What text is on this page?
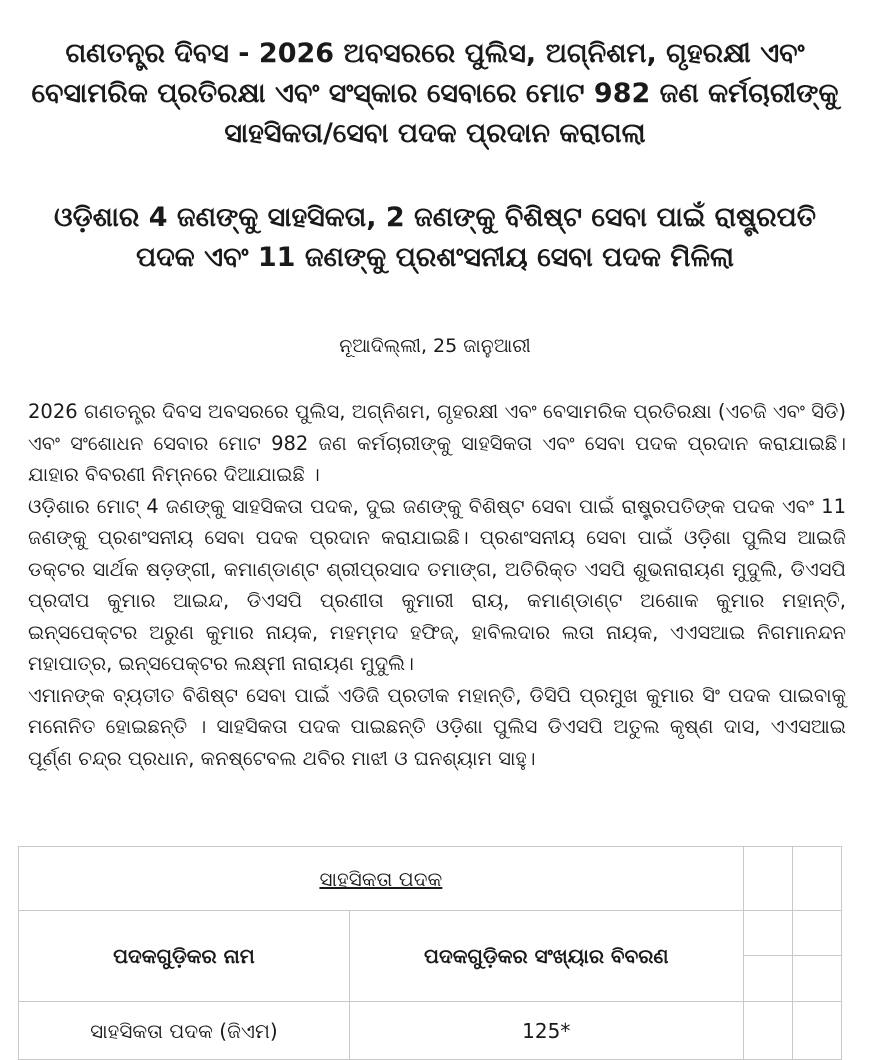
ଗଣତନ୍ତ୍ର ଦିବସ - 2026 ଅବସରରେ ପୁଲିସ, ଅଗ୍ନିଶମ, ଗୃହରକ୍ଷୀ ଏବଂ ବେସାମରିକ ପ୍ରତିରକ୍ଷା ଏବଂ ସଂସ୍କାର ସେବାରେ ମୋଟ 982 ଜଣ କର୍ମଚାରୀଙ୍କୁ ସାହସିକତା/ସେବା ପଦକ ପ୍ରଦାନ କରାଗଲା
ଓଡ଼ିଶାର 4 ଜଣଙ୍କୁ ସାହସିକତା, 2 ଜଣଙ୍କୁ ବିଶିଷ୍ଟ ସେବା ପାଇଁ ରାଷ୍ଟ୍ରପତି ପଦକ ଏବଂ 11 ଜଣଙ୍କୁ ପ୍ରଶଂସନୀୟ ସେବା ପଦକ ମିଳିଲା

ନୂଆଦିଲ୍ଲୀ, 25 ଜାନୁଆରୀ

2026 ଗଣତନ୍ତ୍ର ଦିବସ ଅବସରରେ ପୁଲିସ, ଅଗ୍ନିଶମ, ଗୃହରକ୍ଷୀ ଏବଂ ବେସାମରିକ ପ୍ରତିରକ୍ଷା (ଏଚଜି ଏବଂ ସିଡି) ଏବଂ ସଂଶୋଧନ ସେବାର ମୋଟ 982 ଜଣ କର୍ମଚାରୀଙ୍କୁ ସାହସିକତା ଏବଂ ସେବା ପଦକ ପ୍ରଦାନ କରାଯାଇଛି। ଯାହାର ବିବରଣୀ ନିମ୍ନରେ ଦିଆଯାଇଛି ।

ଓଡ଼ିଶାର ମୋଟ୍ 4 ଜଣଙ୍କୁ ସାହସିକତା ପଦକ, ଦୁଇ ଜଣଙ୍କୁ ବିଶିଷ୍ଟ ସେବା ପାଇଁ ରାଷ୍ଟ୍ରପତିଙ୍କ ପଦକ ଏବଂ 11 ଜଣଙ୍କୁ ପ୍ରଶଂସନୀୟ ସେବା ପଦକ ପ୍ରଦାନ କରାଯାଇଛି। ପ୍ରଶଂସନୀୟ ସେବା ପାଇଁ ଓଡ଼ିଶା ପୁଲିସ ଆଇଜି ଡକ୍ଟର ସାର୍ଥକ ଷଡ଼ଙ୍ଗୀ, କମାଣ୍ଡାଣ୍ଟ ଶ୍ରୀପ୍ରସାଦ ତମାଙ୍ଗ, ଅତିରିକ୍ତ ଏସପି ଶୁଭନାରାୟଣ ମୁଦୁଲି, ଡିଏସପି ପ୍ରଦୀପ କୁମାର ଆଇନ୍ଦ, ଡିଏସପି ପ୍ରଣୀତା କୁମାରୀ ରାୟ, କମାଣ୍ଡାଣ୍ଟ ଅଶୋକ କୁମାର ମହାନ୍ତି, ଇନ୍ସପେକ୍ଟର ଅରୁଣ କୁମାର ନାୟକ, ମହମ୍ମଦ ହଫିଜ୍, ହାବିଲଦାର ଲତା ନାୟକ, ଏଏସଆଇ ନିଗମାନନ୍ଦନ ମହାପାତ୍ର, ଇନ୍ସପେକ୍ଟର ଲକ୍ଷ୍ମୀ ନାରାୟଣ ମୁଦୁଲି।

ଏମାନଙ୍କ ବ୍ୟତୀତ ବିଶିଷ୍ଟ ସେବା ପାଇଁ ଏଡିଜି ପ୍ରତୀକ ମହାନ୍ତି, ଡିସିପି ପ୍ରମୁଖ କୁମାର ସିଂ ପଦକ ପାଇବାକୁ ମନୋନିତ ହୋଇଛନ୍ତି । ସାହସିକତା ପଦକ ପାଇଛନ୍ତି ଓଡ଼ିଶା ପୁଲିସ ଡିଏସପି ଅତୁଲ କୃଷ୍ଣ ଦାସ, ଏଏସଆଇ ପୂର୍ଣ୍ଣ ଚନ୍ଦ୍ର ପ୍ରଧାନ, କନଷ୍ଟେବଲ ଥବିର ମାଝୀ ଓ ଘନଶ୍ୟାମ ସାହୁ।

ସାହସିକତା ପଦକ			
ପଦକଗୁଡ଼ିକର ନାମ	ପଦକଗୁଡ଼ିକର ସଂଖ୍ୟାର ବିବରଣ	

ସାହସିକତା ପଦକ (ଜିଏମ)	125*		
